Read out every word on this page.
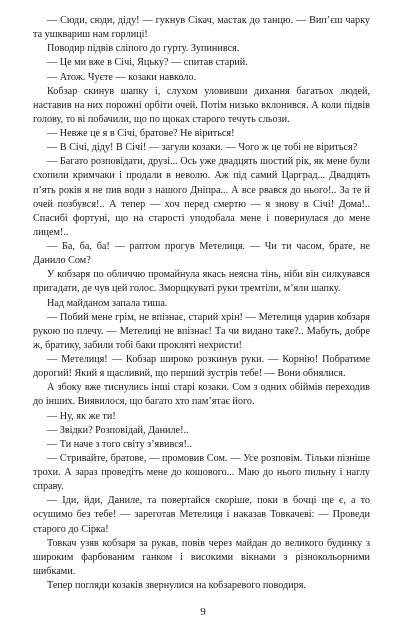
— Сюди, сюди, діду! — гукнув Сікач, мастак до танцю. — Вип’єш чарку та ушквариш нам горлиці!

Поводир підвів сліпого до гурту. Зупинився.

— Це ми вже в Січі, Яцьку? — спитав старий.

— Атож. Чуєте — козаки навколо.

Кобзар скинув шапку і, слухом уловивши дихання багатьох людей, наставив на них порожні орбіти очей. Потім низько вклонився. А коли підвів голову, то ві побачили, що по щоках старого течуть сльози.

— Невже це я в Січі, братове? Не віриться!

— В Січі, діду! В Січі! — загули козаки. — Чого ж це тобі не віриться?

— Багато розповідати, друзі... Ось уже двадцять шостий рік, як мене були схопили кримчаки і продали в неволю. Аж під самий Царград... Двадцять п’ять років я не пив води з нашого Дніпра... А все рвався до нього!.. За те й очей позбувся!.. А тепер — хоч перед смертю — я знову в Січі! Дома!.. Спасибі фортуні, що на старості уподобала мене і повернулася до мене лицем!..

— Ба, ба, ба! — раптом прогув Метелиця. — Чи ти часом, брате, не Данило Сом?

У кобзаря по обличчю промайнула якась неясна тінь, ніби він силкувався пригадати, де чув цей голос. Зморщкуваті руки тремтіли, м’яли шапку.

Над майданом запала тиша.

— Побий мене грім, не впізнає, старий хрін! — Метелиця ударив кобзаря рукою по плечу. — Метелиці не впізнає! Та чи видано таке?.. Мабуть, добре ж, братику, забили тобі баки прокляті нехристи!

— Метелиця! — Кобзар широко розкинув руки. — Корнію! Побратиме дорогий! Який я щасливий, що перший зустрів тебе! — Вони обнялися.

А збоку вже тиснулись інші старі козаки. Сом з одних обіймів переходив до інших. Виявилося, що багато хто пам’ятає його.

— Ну, як же ти!

— Звідки? Розповідай, Даниле!..

— Ти наче з того світу з’явився!..

— Стривайте, братове, — промовив Сом. — Усе розповім. Тільки пізніше трохи. А зараз проведіть мене до кошового... Маю до нього пильну і наглу справу.

— Іди, йди, Даниле, та повертайся скоріше, поки в бочці ще є, а то осушимо без тебе! — зареготав Метелиця і наказав Товкачеві: — Проведи старого до Сірка!

Товкач узяв кобзаря за рукав, повів через майдан до великого будинку з широким фарбованим ганком і високими вікнами з різнокольорними шибками.

Тепер погляди козаків звернулися на кобзаревого поводиря.

9
